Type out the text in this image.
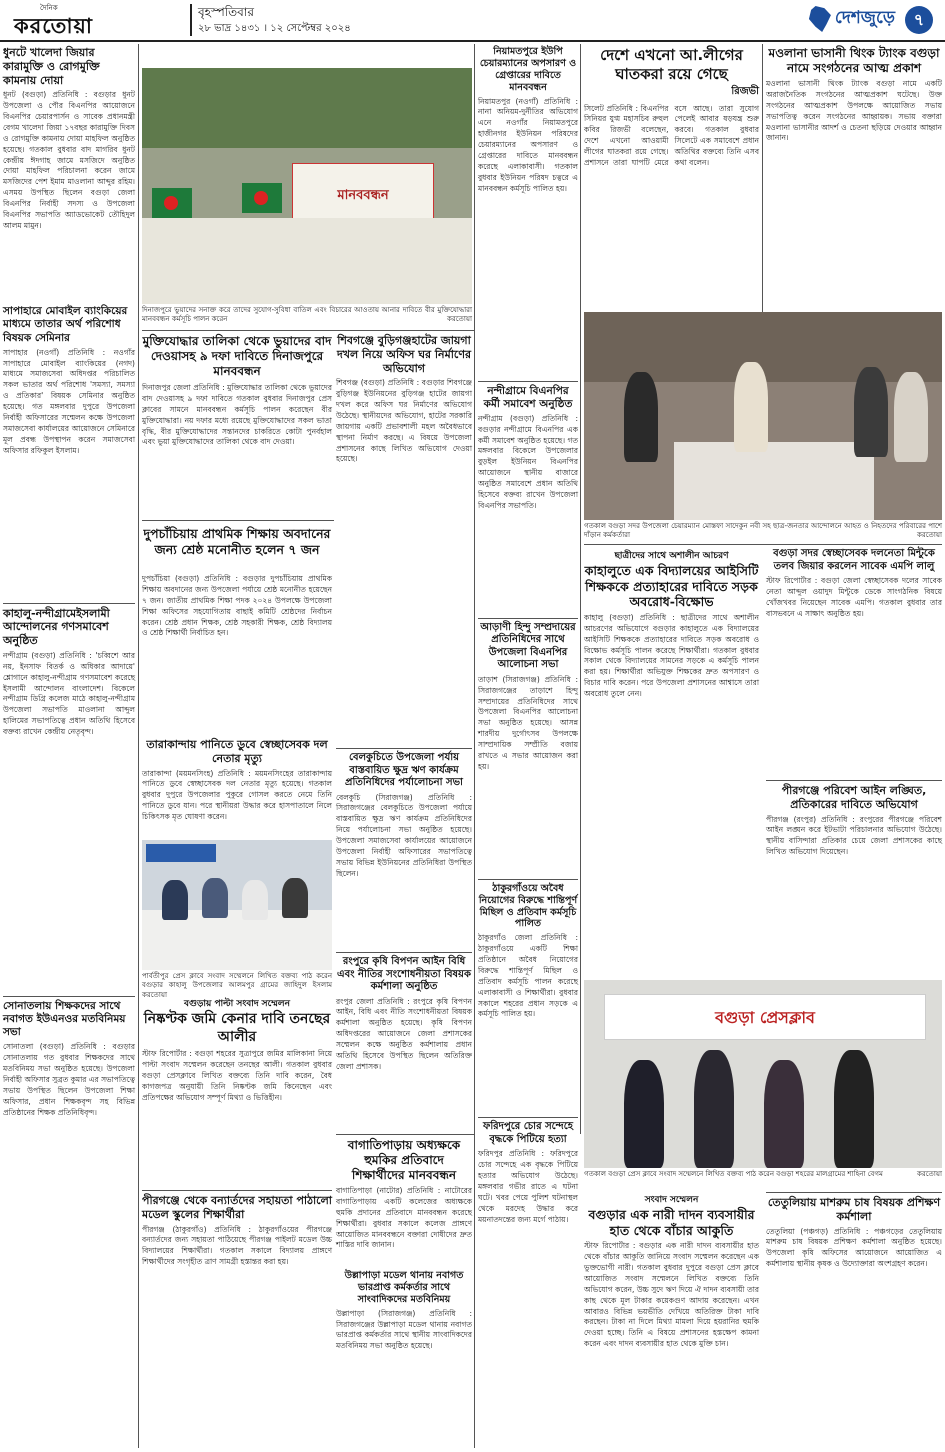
দৈনিক
করতোয়া
বৃহস্পতিবার
২৮ ভাদ্র ১৪৩১ । ১২ সেপ্টেম্বর ২০২৪
দেশজুড়ে	৭
ধুনটে খালেদা জিয়ার কারামুক্তি ও রোগমুক্তি কামনায় দোয়া
ধুনট (বগুড়া) প্রতিনিধি : বগুড়ার ধুনট উপজেলা ও পৌর বিএনপির আয়োজনে বিএনপির চেয়ারপার্সন ও সাবেক প্রধানমন্ত্রী বেগম খালেদা জিয়া ১৭বছর কারামুক্তি দিবস ও রোগমুক্তি কামনায় দোয়া মাহফিল অনুষ্ঠিত হয়েছে। গতকাল বুধবার বাদ মাগরিব ধুনট কেন্দ্রীয় ঈদগাহ জামে মসজিদে অনুষ্ঠিত দোয়া মাহফিল পরিচালনা করেন জামে মসজিদের পেশ ইমাম মাওলানা আব্দুর রহিম। এসময় উপস্থিত ছিলেন বগুড়া জেলা বিএনপির নির্বাহী সদস্য ও উপজেলা বিএনপির সভাপতি অ্যাডভোকেট তৌহিদুল আলম মামুন।
সাপাহারে মোবাইল ব্যাংকিয়ের মাধ্যমে তাতার অর্থ পরিশোধ বিষয়ক সেমিনার
সাপাহার (নওগাঁ) প্রতিনিধি : নওগাঁর সাপাহারে মোবাইল ব্যাংকিয়ের (নগদ) মাধ্যমে সমাজসেবা অধিদপ্তর পরিচালিত সকল ভাতার অর্থ পরিশোধ 'সমস্যা, সমস্যা ও প্রতিকার' বিষয়ক সেমিনার অনুষ্ঠিত হয়েছে। গত মঙ্গলবার দুপুরে উপজেলা নির্বাহী অফিসারের সম্মেলন কক্ষে উপজেলা সমাজসেবা কার্যালয়ের আয়োজনে সেমিনারে মূল প্রবন্ধ উপস্থাপন করেন সমাজসেবা অফিসার রফিকুল ইসলাম।
কাহালু-নন্দীগ্রামেইসলামী আন্দোলনের গণসমাবেশ অনুষ্ঠিত
নন্দীগ্রাম (বগুড়া) প্রতিনিধি : 'চব্বিশে আর নয়, ইনসাফ বিতর্ক ও অধিকার আদায়ে' শ্লোগানে কাহালু-নন্দীগ্রাম গণসমাবেশ করেছে ইসলামী আন্দোলন বাংলাদেশ। বিকেলে নন্দীগ্রাম ডিগ্রি কলেজ মাঠে কাহালু-নন্দীগ্রাম উপজেলা সভাপতি মাওলানা আব্দুল হালিমের সভাপতিত্বে প্রধান অতিথি হিসেবে বক্তব্য রাখেন কেন্দ্রীয় নেতৃবৃন্দ।
সোনাতলায় শিক্ষকদের সাথে নবাগত ইউএনওর মতবিনিময় সভা
সোনাতলা (বগুড়া) প্রতিনিধি : বগুড়ার সোনাতলায় গত বুধবার শিক্ষকদের সাথে মতবিনিময় সভা অনুষ্ঠিত হয়েছে। উপজেলা নির্বাহী অফিসার সুব্রত কুমার এর সভাপতিত্বে সভায় উপস্থিত ছিলেন উপজেলা শিক্ষা অফিসার, প্রধান শিক্ষকবৃন্দ সহ বিভিন্ন প্রতিষ্ঠানের শিক্ষক প্রতিনিধিবৃন্দ।
মানববন্ধন
দিনাজপুরে ভুয়াদের সনাক্ত করে তাদের সুযোগ-সুবিধা বাতিল এবং বিচারের আওতায় আনার দাবিতে বীর মুক্তিযোদ্ধারা মানববন্ধন কর্মসূচি পালন করেন	করতোয়া
মুক্তিযোদ্ধার তালিকা থেকে ভুয়াদের বাদ দেওয়াসহ ৯ দফা দাবিতে দিনাজপুরে মানববন্ধন
দিনাজপুর জেলা প্রতিনিধি : মুক্তিযোদ্ধার তালিকা থেকে ভুয়াদের বাদ দেওয়াসহ ৯ দফা দাবিতে গতকাল বুধবার দিনাজপুর প্রেস ক্লাবের সামনে মানববন্ধন কর্মসূচি পালন করেছেন বীর মুক্তিযোদ্ধারা। নয় দফার মধ্যে রয়েছে মুক্তিযোদ্ধাদের সকল ভাতা বৃদ্ধি, বীর মুক্তিযোদ্ধাদের সন্তানদের চাকরিতে কোটা পুনর্বহাল এবং ভুয়া মুক্তিযোদ্ধাদের তালিকা থেকে বাদ দেওয়া।
শিবগঞ্জে বুড়িগঞ্জহাটের জায়গা দখল নিয়ে অফিস ঘর নির্মাণের অভিযোগ
শিবগঞ্জ (বগুড়া) প্রতিনিধি : বগুড়ার শিবগঞ্জে বুড়িগঞ্জ ইউনিয়নের বুড়িগঞ্জ হাটের জায়গা দখল করে অফিস ঘর নির্মাণের অভিযোগ উঠেছে। স্থানীয়দের অভিযোগ, হাটের সরকারি জায়গায় একটি প্রভাবশালী মহল অবৈধভাবে স্থাপনা নির্মাণ করছে। এ বিষয়ে উপজেলা প্রশাসনের কাছে লিখিত অভিযোগ দেওয়া হয়েছে।
দুপচাঁচিয়ায় প্রাথমিক শিক্ষায় অবদানের জন্য শ্রেষ্ঠ মনোনীত হলেন ৭ জন
দুপচাঁচিয়া (বগুড়া) প্রতিনিধি : বগুড়ার দুপচাঁচিয়ায় প্রাথমিক শিক্ষায় অবদানের জন্য উপজেলা পর্যায়ে শ্রেষ্ঠ মনোনীত হয়েছেন ৭ জন। জাতীয় প্রাথমিক শিক্ষা পদক ২০২৪ উপলক্ষে উপজেলা শিক্ষা অফিসের সহযোগিতায় বাছাই কমিটি শ্রেষ্ঠদের নির্বাচন করেন। শ্রেষ্ঠ প্রধান শিক্ষক, শ্রেষ্ঠ সহকারী শিক্ষক, শ্রেষ্ঠ বিদ্যালয় ও শ্রেষ্ঠ শিক্ষার্থী নির্বাচিত হন।
তারাকান্দায় পানিতে ডুবে স্বেচ্ছাসেবক দল নেতার মৃত্যু
তারাকান্দা (ময়মনসিংহ) প্রতিনিধি : ময়মনসিংহের তারাকান্দায় পানিতে ডুবে স্বেচ্ছাসেবক দল নেতার মৃত্যু হয়েছে। গতকাল বুধবার দুপুরে উপজেলার পুকুরে গোসল করতে নেমে তিনি পানিতে ডুবে যান। পরে স্থানীয়রা উদ্ধার করে হাসপাতালে নিলে চিকিৎসক মৃত ঘোষণা করেন।
পার্বতীপুর প্রেস ক্লাবে সংবাদ সম্মেলনে লিখিত বক্তব্য পাঠ করেন বগুড়ার কাহালু উপজেলার আলমপুর গ্রামের জাহিদুল ইসলাম করতোয়া
বগুড়ায় পাল্টা সংবাদ সম্মেলন
নিষ্কণ্টক জমি কেনার দাবি তনছের আলীর
স্টাফ রিপোর্টার : বগুড়া শহরের সুত্রাপুরে জমির মালিকানা নিয়ে পাল্টা সংবাদ সম্মেলন করেছেন তনছের আলী। গতকাল বুধবার বগুড়া প্রেসক্লাবে লিখিত বক্তব্যে তিনি দাবি করেন, বৈধ কাগজপত্র অনুযায়ী তিনি নিষ্কণ্টক জমি কিনেছেন এবং প্রতিপক্ষের অভিযোগ সম্পূর্ণ মিথ্যা ও ভিত্তিহীন।
পীরগঞ্জে থেকে বন্যার্তদের সহায়তা পাঠালো মডেল স্কুলের শিক্ষার্থীরা
পীরগঞ্জ (ঠাকুরগাঁও) প্রতিনিধি : ঠাকুরগাঁওয়ের পীরগঞ্জে বন্যার্তদের জন্য সহায়তা পাঠিয়েছে পীরগঞ্জ পাইলট মডেল উচ্চ বিদ্যালয়ের শিক্ষার্থীরা। গতকাল সকালে বিদ্যালয় প্রাঙ্গণে শিক্ষার্থীদের সংগৃহীত ত্রাণ সামগ্রী হস্তান্তর করা হয়।
বেলকুচিতে উপজেলা পর্যায় বাস্তবায়িত ক্ষুদ্র ঋণ কার্যক্রম প্রতিনিধিদের পর্যালোচনা সভা
বেলকুচি (সিরাজগঞ্জ) প্রতিনিধি : সিরাজগঞ্জের বেলকুচিতে উপজেলা পর্যায়ে বাস্তবায়িত ক্ষুদ্র ঋণ কার্যক্রম প্রতিনিধিদের নিয়ে পর্যালোচনা সভা অনুষ্ঠিত হয়েছে। উপজেলা সমাজসেবা কার্যালয়ের আয়োজনে উপজেলা নির্বাহী অফিসারের সভাপতিত্বে সভায় বিভিন্ন ইউনিয়নের প্রতিনিধিরা উপস্থিত ছিলেন।
রংপুরে কৃষি বিপণন আইন বিধি এবং নীতির সংশোধনীয়তা বিষয়ক কর্মশালা অনুষ্ঠিত
রংপুর জেলা প্রতিনিধি : রংপুরে কৃষি বিপণন আইন, বিধি এবং নীতি সংশোধনীয়তা বিষয়ক কর্মশালা অনুষ্ঠিত হয়েছে। কৃষি বিপণন অধিদপ্তরের আয়োজনে জেলা প্রশাসকের সম্মেলন কক্ষে অনুষ্ঠিত কর্মশালায় প্রধান অতিথি হিসেবে উপস্থিত ছিলেন অতিরিক্ত জেলা প্রশাসক।
বাগাতিপাড়ায় অধ্যক্ষকে হুমকির প্রতিবাদে শিক্ষার্থীদের মানববন্ধন
বাগাতিপাড়া (নাটোর) প্রতিনিধি : নাটোরের বাগাতিপাড়ায় একটি কলেজের অধ্যক্ষকে হুমকি প্রদানের প্রতিবাদে মানববন্ধন করেছে শিক্ষার্থীরা। বুধবার সকালে কলেজ প্রাঙ্গণে আয়োজিত মানববন্ধনে বক্তারা দোষীদের দ্রুত শাস্তির দাবি জানান।
উল্লাপাড়া মডেল থানায় নবাগত ভারপ্রাপ্ত কর্মকর্তার সাথে সাংবাদিকদের মতবিনিময়
উল্লাপাড়া (সিরাজগঞ্জ) প্রতিনিধি : সিরাজগঞ্জের উল্লাপাড়া মডেল থানায় নবাগত ভারপ্রাপ্ত কর্মকর্তার সাথে স্থানীয় সাংবাদিকদের মতবিনিময় সভা অনুষ্ঠিত হয়েছে।
নিয়ামতপুরে ইউপি চেয়ারম্যানের অপসারণ ও গ্রেপ্তারের দাবিতে মানববন্ধন
নিয়ামতপুর (নওগাঁ) প্রতিনিধি : নানা অনিয়ম-দুর্নীতির অভিযোগ এনে নওগাঁর নিয়ামতপুরে হাজীনগর ইউনিয়ন পরিষদের চেয়ারম্যানের অপসারণ ও গ্রেপ্তারের দাবিতে মানববন্ধন করেছে এলাকাবাসী। গতকাল বুধবার ইউনিয়ন পরিষদ চত্বরে এ মানববন্ধন কর্মসূচি পালিত হয়।
নন্দীগ্রামে বিএনপির কর্মী সমাবেশ অনুষ্ঠিত
নন্দীগ্রাম (বগুড়া) প্রতিনিধি : বগুড়ার নন্দীগ্রামে বিএনপির এক কর্মী সমাবেশ অনুষ্ঠিত হয়েছে। গত মঙ্গলবার বিকেলে উপজেলার বুড়ইল ইউনিয়ন বিএনপির আয়োজনে স্থানীয় বাজারে অনুষ্ঠিত সমাবেশে প্রধান অতিথি হিসেবে বক্তব্য রাখেন উপজেলা বিএনপির সভাপতি।
আড়াণী হিন্দু সম্প্রদায়ের প্রতিনিধিদের সাথে উপজেলা বিএনপির আলোচনা সভা
তাড়াশ (সিরাজগঞ্জ) প্রতিনিধি : সিরাজগঞ্জের তাড়াশে হিন্দু সম্প্রদায়ের প্রতিনিধিদের সাথে উপজেলা বিএনপির আলোচনা সভা অনুষ্ঠিত হয়েছে। আসন্ন শারদীয় দুর্গোৎসব উপলক্ষে সাম্প্রদায়িক সম্প্রীতি বজায় রাখতে এ সভার আয়োজন করা হয়।
ঠাকুরগাঁওয়ে অবৈধ নিয়োগের বিরুদ্ধে শান্তিপূর্ণ মিছিল ও প্রতিবাদ কর্মসূচি পালিত
ঠাকুরগাঁও জেলা প্রতিনিধি : ঠাকুরগাঁওয়ে একটি শিক্ষা প্রতিষ্ঠানে অবৈধ নিয়োগের বিরুদ্ধে শান্তিপূর্ণ মিছিল ও প্রতিবাদ কর্মসূচি পালন করেছে এলাকাবাসী ও শিক্ষার্থীরা। বুধবার সকালে শহরের প্রধান সড়কে এ কর্মসূচি পালিত হয়।
ফরিদপুরে চোর সন্দেহে বৃদ্ধকে পিটিয়ে হত্যা
ফরিদপুর প্রতিনিধি : ফরিদপুরে চোর সন্দেহে এক বৃদ্ধকে পিটিয়ে হত্যার অভিযোগ উঠেছে। মঙ্গলবার গভীর রাতে এ ঘটনা ঘটে। খবর পেয়ে পুলিশ ঘটনাস্থল থেকে মরদেহ উদ্ধার করে ময়নাতদন্তের জন্য মর্গে পাঠায়।
দেশে এখনো আ.লীগের ঘাতকরা রয়ে গেছে
রিজভী
সিলেট প্রতিনিধি : বিএনপির সিনিয়র যুগ্ম মহাসচিব রুহুল কবির রিজভী বলেছেন, দেশে এখনো আওয়ামী লীগের ঘাতকরা রয়ে গেছে। প্রশাসনে তারা ঘাপটি মেরে বসে আছে। তারা সুযোগ পেলেই আবার ষড়যন্ত্র শুরু করবে। গতকাল বুধবার সিলেটে এক সমাবেশে প্রধান অতিথির বক্তব্যে তিনি এসব কথা বলেন।
মওলানা ভাসানী থিংক ট্যাংক বগুড়া নামে সংগঠনের আত্ম প্রকাশ
মওলানা ভাসানী থিংক ট্যাংক বগুড়া নামে একটি অরাজনৈতিক সংগঠনের আত্মপ্রকাশ ঘটেছে। উক্ত সংগঠনের আত্মপ্রকাশ উপলক্ষে আয়োজিত সভায় সভাপতিত্ব করেন সংগঠনের আহ্বায়ক। সভায় বক্তারা মওলানা ভাসানীর আদর্শ ও চেতনা ছড়িয়ে দেওয়ার আহ্বান জানান।
গতকাল বগুড়া সদর উপজেলা চেয়ারম্যান মোস্তফা সাদেকুন নবী সহ ছাত্র-জনতার আন্দোলনে আহত ও নিহতদের পরিবারের পাশে দাঁড়ান কর্মকর্তারা	করতোয়া
ছাত্রীদের সাথে অশালীন আচরণ
কাহালুতে এক বিদ্যালয়ের আইসিটি শিক্ষককে প্রত্যাহারের দাবিতে সড়ক অবরোধ-বিক্ষোভ
কাহালু (বগুড়া) প্রতিনিধি : ছাত্রীদের সাথে অশালীন আচরণের অভিযোগে বগুড়ার কাহালুতে এক বিদ্যালয়ের আইসিটি শিক্ষককে প্রত্যাহারের দাবিতে সড়ক অবরোধ ও বিক্ষোভ কর্মসূচি পালন করেছে শিক্ষার্থীরা। গতকাল বুধবার সকাল থেকে বিদ্যালয়ের সামনের সড়কে এ কর্মসূচি পালন করা হয়। শিক্ষার্থীরা অভিযুক্ত শিক্ষকের দ্রুত অপসারণ ও বিচার দাবি করেন। পরে উপজেলা প্রশাসনের আশ্বাসে তারা অবরোধ তুলে নেন।
বগুড়া সদর স্বেচ্ছাসেবক দলনেতা মিন্টুকে তলব জিয়ার করলেন সাবেক এমপি লালু
স্টাফ রিপোর্টার : বগুড়া জেলা স্বেচ্ছাসেবক দলের সাবেক নেতা আব্দুল ওয়াদুদ মিন্টুকে ডেকে সাংগঠনিক বিষয়ে খোঁজখবর নিয়েছেন সাবেক এমপি। গতকাল বুধবার তার বাসভবনে এ সাক্ষাৎ অনুষ্ঠিত হয়।
পীরগঞ্জে পরিবেশ আইন লঙ্ঘিত, প্রতিকারের দাবিতে অভিযোগ
পীরগঞ্জ (রংপুর) প্রতিনিধি : রংপুরের পীরগঞ্জে পরিবেশ আইন লঙ্ঘন করে ইটভাটা পরিচালনার অভিযোগ উঠেছে। স্থানীয় বাসিন্দারা প্রতিকার চেয়ে জেলা প্রশাসকের কাছে লিখিত অভিযোগ দিয়েছেন।
বগুড়া প্রেসক্লাব
গতকাল বগুড়া প্রেস ক্লাবে সংবাদ সম্মেলনে লিখিত বক্তব্য পাঠ করেন বগুড়া শহরের মালগ্রামের শাহিনা বেগম	করতোয়া
সংবাদ সম্মেলন
বগুড়ার এক নারী দাদন ব্যবসায়ীর হাত থেকে বাঁচার আকুতি
স্টাফ রিপোর্টার : বগুড়ার এক নারী দাদন ব্যবসায়ীর হাত থেকে বাঁচার আকুতি জানিয়ে সংবাদ সম্মেলন করেছেন এক ভুক্তভোগী নারী। গতকাল বুধবার দুপুরে বগুড়া প্রেস ক্লাবে আয়োজিত সংবাদ সম্মেলনে লিখিত বক্তব্যে তিনি অভিযোগ করেন, উচ্চ সুদে ঋণ দিয়ে ঐ দাদন ব্যবসায়ী তার কাছ থেকে মূল টাকার কয়েকগুণ আদায় করেছেন। এখন আবারও বিভিন্ন ভয়ভীতি দেখিয়ে অতিরিক্ত টাকা দাবি করছেন। টাকা না দিলে মিথ্যা মামলা দিয়ে হয়রানির হুমকি দেওয়া হচ্ছে। তিনি এ বিষয়ে প্রশাসনের হস্তক্ষেপ কামনা করেন এবং দাদন ব্যবসায়ীর হাত থেকে মুক্তি চান।
তেতুলিয়ায় মাশরুম চাষ বিষয়ক প্রশিক্ষণ কর্মশালা
তেতুলিয়া (পঞ্চগড়) প্রতিনিধি : পঞ্চগড়ের তেতুলিয়ায় মাশরুম চাষ বিষয়ক প্রশিক্ষণ কর্মশালা অনুষ্ঠিত হয়েছে। উপজেলা কৃষি অফিসের আয়োজনে আয়োজিত এ কর্মশালায় স্থানীয় কৃষক ও উদ্যোক্তারা অংশগ্রহণ করেন।
